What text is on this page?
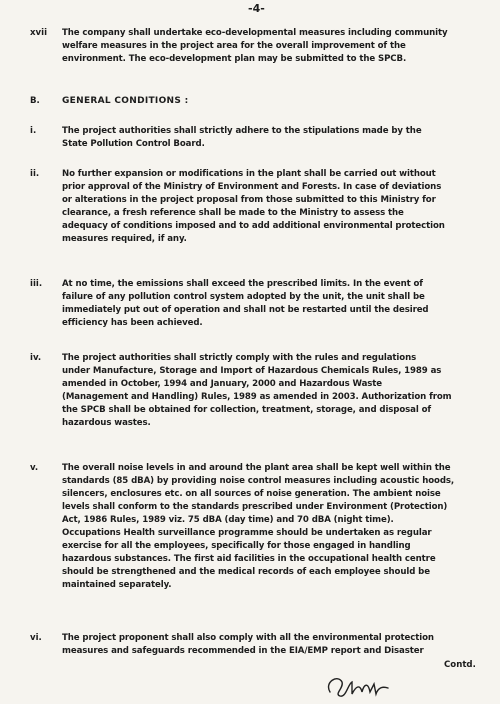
-4-
xvii The company shall undertake eco-developmental measures including community
welfare measures in the project area for the overall improvement of the
environment. The eco-development plan may be submitted to the SPCB.
B. GENERAL CONDITIONS :
i.	The project authorities shall strictly adhere to the stipulations made by the
State Pollution Control Board.
ii.	No further expansion or modifications in the plant shall be carried out without
prior approval of the Ministry of Environment and Forests. In case of deviations
or alterations in the project proposal from those submitted to this Ministry for
clearance, a fresh reference shall be made to the Ministry to assess the
adequacy of conditions imposed and to add additional environmental protection
measures required, if any.
iii. At no time, the emissions shall exceed the prescribed limits. In the event of
failure of any pollution control system adopted by the unit, the unit shall be
immediately put out of operation and shall not be restarted until the desired
efficiency has been achieved.
iv. The project authorities shall strictly comply with the rules and regulations
under Manufacture, Storage and Import of Hazardous Chemicals Rules, 1989 as
amended in October, 1994 and January, 2000 and Hazardous Waste
(Management and Handling) Rules, 1989 as amended in 2003. Authorization from
the SPCB shall be obtained for collection, treatment, storage, and disposal of
hazardous wastes.
v.	The overall noise levels in and around the plant area shall be kept well within the
standards (85 dBA) by providing noise control measures including acoustic hoods,
silencers, enclosures etc. on all sources of noise generation. The ambient noise
levels shall conform to the standards prescribed under Environment (Protection)
Act, 1986 Rules, 1989 viz. 75 dBA (day time) and 70 dBA (night time).
Occupations Health surveillance programme should be undertaken as regular
exercise for all the employees, specifically for those engaged in handling
hazardous substances. The first aid facilities in the occupational health centre
should be strengthened and the medical records of each employee should be
maintained separately.
vi. The project proponent shall also comply with all the environmental protection
measures and safeguards recommended in the EIA/EMP report and Disaster
Contd.
